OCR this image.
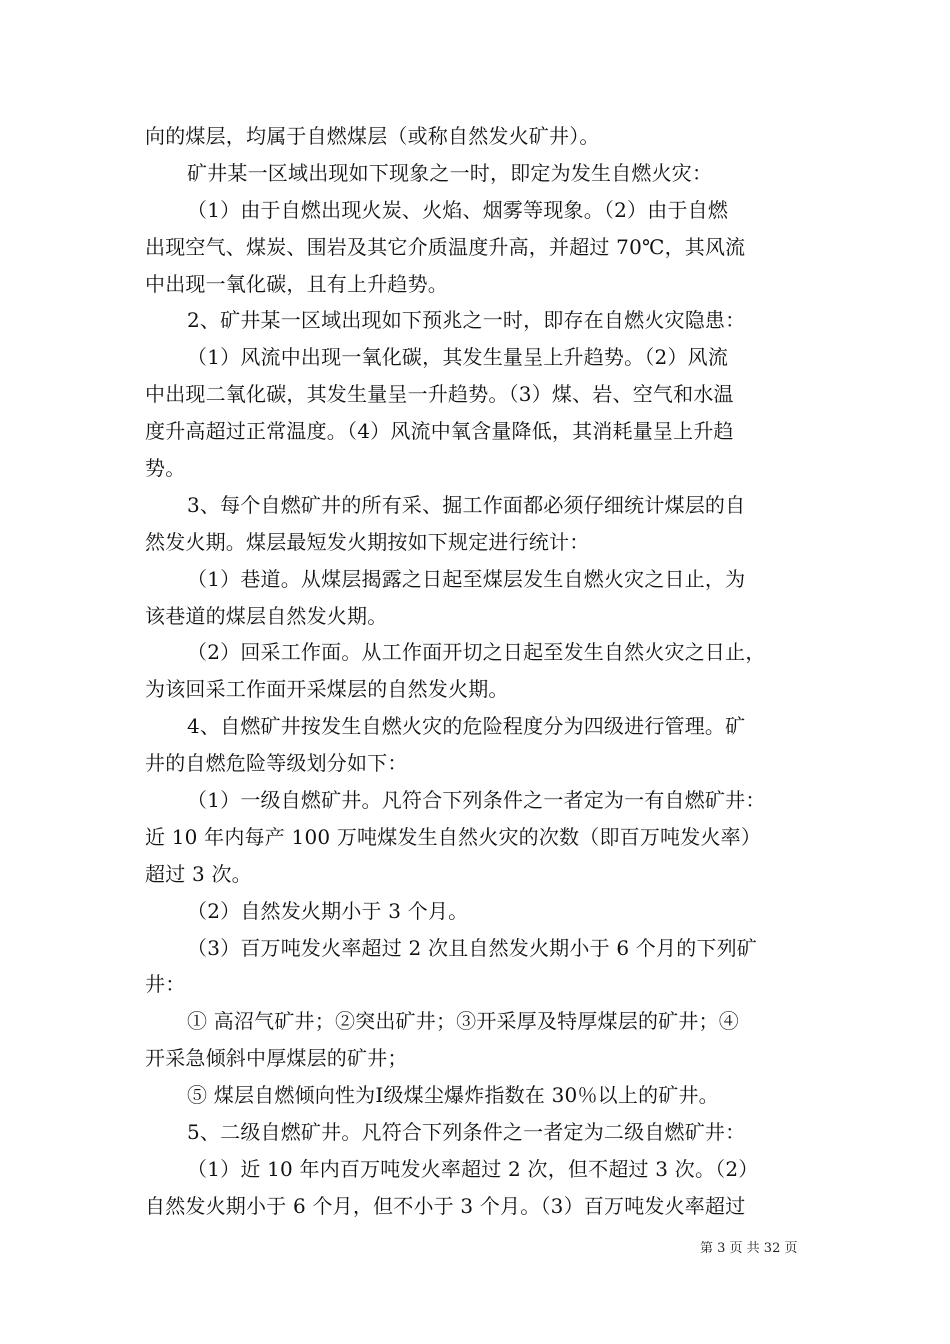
向的煤层，均属于自燃煤层（或称自然发火矿井）。
矿井某一区域出现如下现象之一时，即定为发生自燃火灾：
（1）由于自燃出现火炭、火焰、烟雾等现象。（2）由于自燃
出现空气、煤炭、围岩及其它介质温度升高，并超过 70℃，其风流
中出现一氧化碳，且有上升趋势。
2、矿井某一区域出现如下预兆之一时，即存在自燃火灾隐患：
（1）风流中出现一氧化碳，其发生量呈上升趋势。（2）风流
中出现二氧化碳，其发生量呈一升趋势。（3）煤、岩、空气和水温
度升高超过正常温度。（4）风流中氧含量降低，其消耗量呈上升趋
势。
3、每个自燃矿井的所有采、掘工作面都必须仔细统计煤层的自
然发火期。煤层最短发火期按如下规定进行统计：
（1）巷道。从煤层揭露之日起至煤层发生自燃火灾之日止，为
该巷道的煤层自然发火期。
（2）回采工作面。从工作面开切之日起至发生自然火灾之日止，
为该回采工作面开采煤层的自然发火期。
4、自燃矿井按发生自燃火灾的危险程度分为四级进行管理。矿
井的自燃危险等级划分如下：
（1）一级自燃矿井。凡符合下列条件之一者定为一有自燃矿井：
近 10 年内每产 100 万吨煤发生自然火灾的次数（即百万吨发火率）
超过 3 次。
（2）自然发火期小于 3 个月。
（3）百万吨发火率超过 2 次且自然发火期小于 6 个月的下列矿
井：
① 高沼气矿井；②突出矿井；③开采厚及特厚煤层的矿井；④
开采急倾斜中厚煤层的矿井；
⑤ 煤层自燃倾向性为Ⅰ级煤尘爆炸指数在 30％以上的矿井。
5、二级自燃矿井。凡符合下列条件之一者定为二级自燃矿井：
（1）近 10 年内百万吨发火率超过 2 次，但不超过 3 次。（2）
自然发火期小于 6 个月，但不小于 3 个月。（3）百万吨发火率超过
第 3 页 共 32 页
